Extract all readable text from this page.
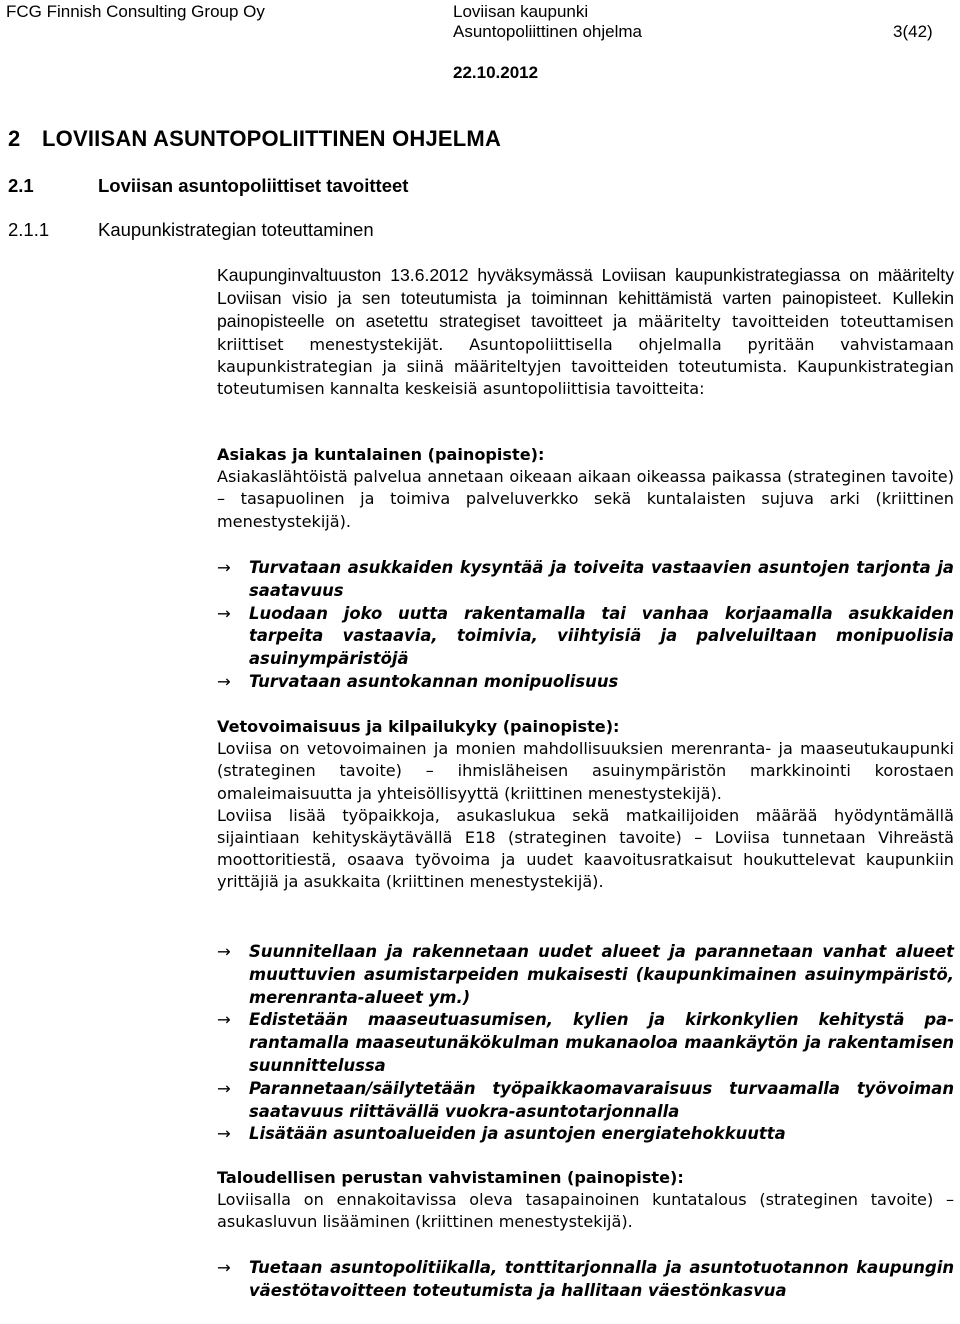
FCG Finnish Consulting Group Oy	Loviisan kaupunki
Asuntopoliittinen ohjelma	3(42)
22.10.2012
2 LOVIISAN ASUNTOPOLIITTINEN OHJELMA
2.1	Loviisan asuntopoliittiset tavoitteet
2.1.1	Kaupunkistrategian toteuttaminen

Kaupunginvaltuuston 13.6.2012 hyväksymässä Loviisan kaupunkistrategiassa on määritelty Loviisan visio ja sen toteutumista ja toiminnan kehittämistä varten painopisteet. Kullekin painopisteelle on asetettu strategiset tavoitteet ja määritelty tavoitteiden toteuttamisen kriittiset menestystekijät. Asuntopoliittisella ohjelmalla pyritään vahvistamaan kaupunkistrategian ja siinä määriteltyjen tavoitteiden toteutumista. Kaupunkistrategian toteutumisen kannalta keskeisiä asuntopoliittisia tavoitteita:

Asiakas ja kuntalainen (painopiste):

Asiakaslähtöistä palvelua annetaan oikeaan aikaan oikeassa paikassa (strateginen tavoite) – tasapuolinen ja toimiva palveluverkko sekä kuntalaisten sujuva arki (kriittinen menestystekijä).

→ Turvataan asukkaiden kysyntää ja toiveita vastaavien asuntojen tarjonta ja saatavuus
→ Luodaan joko uutta rakentamalla tai vanhaa korjaamalla asukkaiden tarpeita vastaavia, toimivia, viihtyisiä ja palveluiltaan monipuolisia asuinympäristöjä
→ Turvataan asuntokannan monipuolisuus

Vetovoimaisuus ja kilpailukyky (painopiste):

Loviisa on vetovoimainen ja monien mahdollisuuksien merenranta- ja maaseutukaupunki (strateginen tavoite) – ihmisläheisen asuinympäristön markkinointi korostaen omaleimaisuutta ja yhteisöllisyyttä (kriittinen menestystekijä).

Loviisa lisää työpaikkoja, asukaslukua sekä matkailijoiden määrää hyödyntämällä sijaintiaan kehityskäytävällä E18 (strateginen tavoite) – Loviisa tunnetaan Vihreästä moottoritiestä, osaava työvoima ja uudet kaavoitusratkaisut houkuttelevat kaupunkiin yrittäjiä ja asukkaita (kriittinen menestystekijä).

→ Suunnitellaan ja rakennetaan uudet alueet ja parannetaan vanhat alueet muuttuvien asumistarpeiden mukaisesti (kaupunkimainen asuinympäristö, merenranta-alueet ym.)
→ Edistetään maaseutuasumisen, kylien ja kirkonkylien kehitystä parantamalla maaseutunäkökulman mukanaoloa maankäytön ja rakentamisen suunnittelussa
→ Parannetaan/säilytetään työpaikkaomavaraisuus turvaamalla työvoiman saatavuus riittävällä vuokra-asuntotarjonnalla
→ Lisätään asuntoalueiden ja asuntojen energiatehokkuutta

Taloudellisen perustan vahvistaminen (painopiste):

Loviisalla on ennakoitavissa oleva tasapainoinen kuntatalous (strateginen tavoite) – asukasluvun lisääminen (kriittinen menestystekijä).

→ Tuetaan asuntopolitiikalla, tonttitarjonnalla ja asuntotuotannon kaupungin väestötavoitteen toteutumista ja hallitaan väestönkasvua
